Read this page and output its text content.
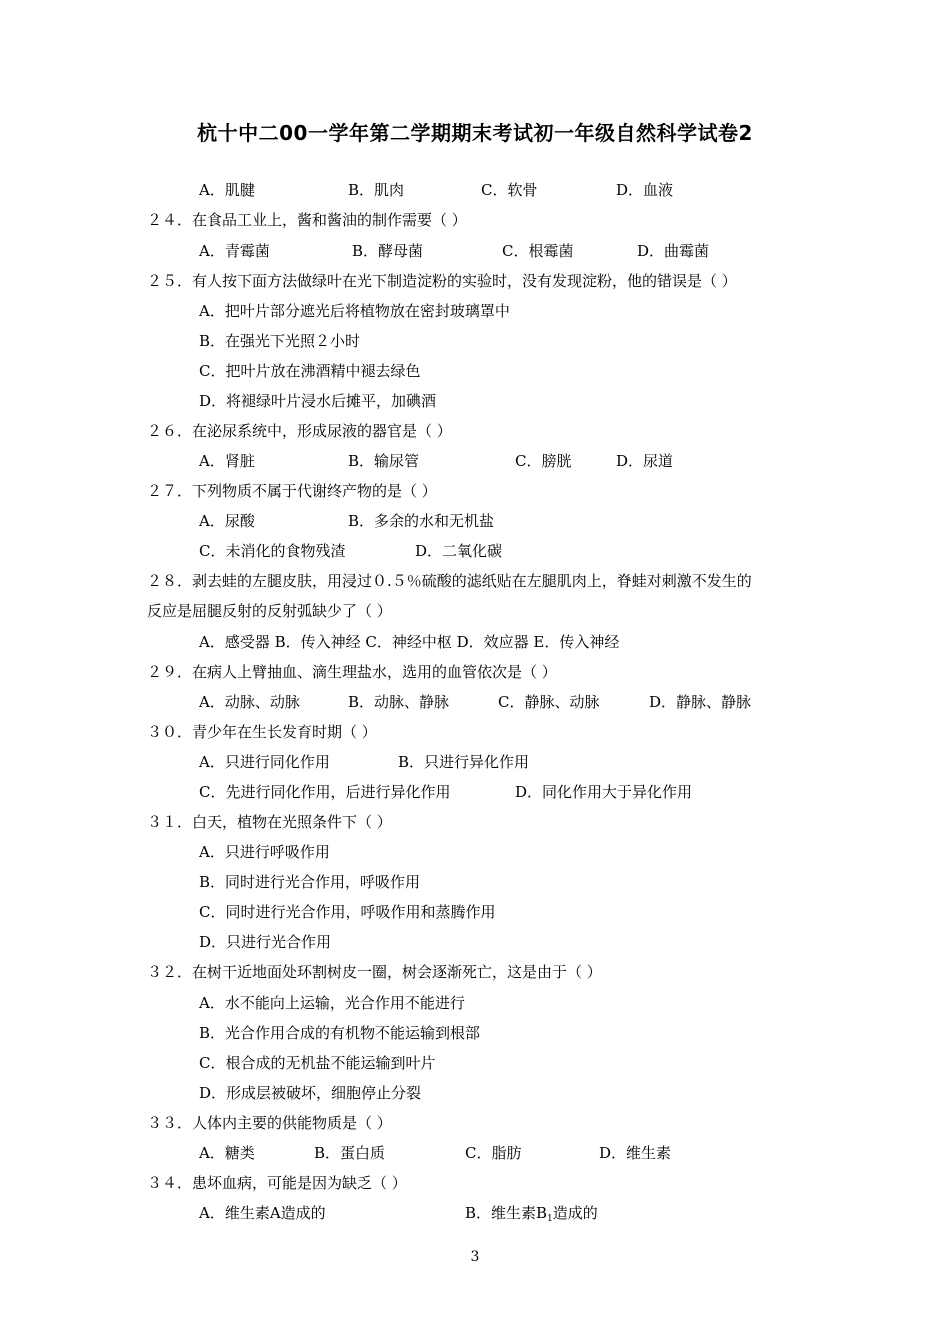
杭十中二00一学年第二学期期末考试初一年级自然科学试卷2
A．肌腱	B．肌肉	C．软骨	D．血液
２４．在食品工业上，酱和酱油的制作需要（ ）
A．青霉菌	B．酵母菌	C．根霉菌	D．曲霉菌
２５．有人按下面方法做绿叶在光下制造淀粉的实验时，没有发现淀粉，他的错误是（ ）
A．把叶片部分遮光后将植物放在密封玻璃罩中
B．在强光下光照２小时
C．把叶片放在沸酒精中褪去绿色
D．将褪绿叶片浸水后摊平，加碘酒
２６．在泌尿系统中，形成尿液的器官是（ ）
A．肾脏	B．输尿管	C．膀胱	D．尿道
２７．下列物质不属于代谢终产物的是（ ）
A．尿酸	B．多余的水和无机盐
C．未消化的食物残渣	D．二氧化碳
２８．剥去蛙的左腿皮肤，用浸过０.５％硫酸的滤纸贴在左腿肌肉上，脊蛙对刺激不发生的
反应是屈腿反射的反射弧缺少了（ ）
A．感受器 B．传入神经 C．神经中枢 D．效应器 E．传入神经
２９．在病人上臂抽血、滴生理盐水，选用的血管依次是（ ）
A．动脉、动脉	B．动脉、静脉	C．静脉、动脉	D．静脉、静脉
３０．青少年在生长发育时期（ ）
A．只进行同化作用	B．只进行异化作用
C．先进行同化作用，后进行异化作用	D．同化作用大于异化作用
３１．白天，植物在光照条件下（ ）
A．只进行呼吸作用
B．同时进行光合作用，呼吸作用
C．同时进行光合作用，呼吸作用和蒸腾作用
D．只进行光合作用
３２．在树干近地面处环割树皮一圈，树会逐渐死亡，这是由于（ ）
A．水不能向上运输，光合作用不能进行
B．光合作用合成的有机物不能运输到根部
C．根合成的无机盐不能运输到叶片
D．形成层被破坏，细胞停止分裂
３３．人体内主要的供能物质是（ ）
A．糖类	B．蛋白质	C．脂肪	D．维生素
３４．患坏血病，可能是因为缺乏（ ）
A．维生素A造成的	B．维生素$B_1$造成的
3
